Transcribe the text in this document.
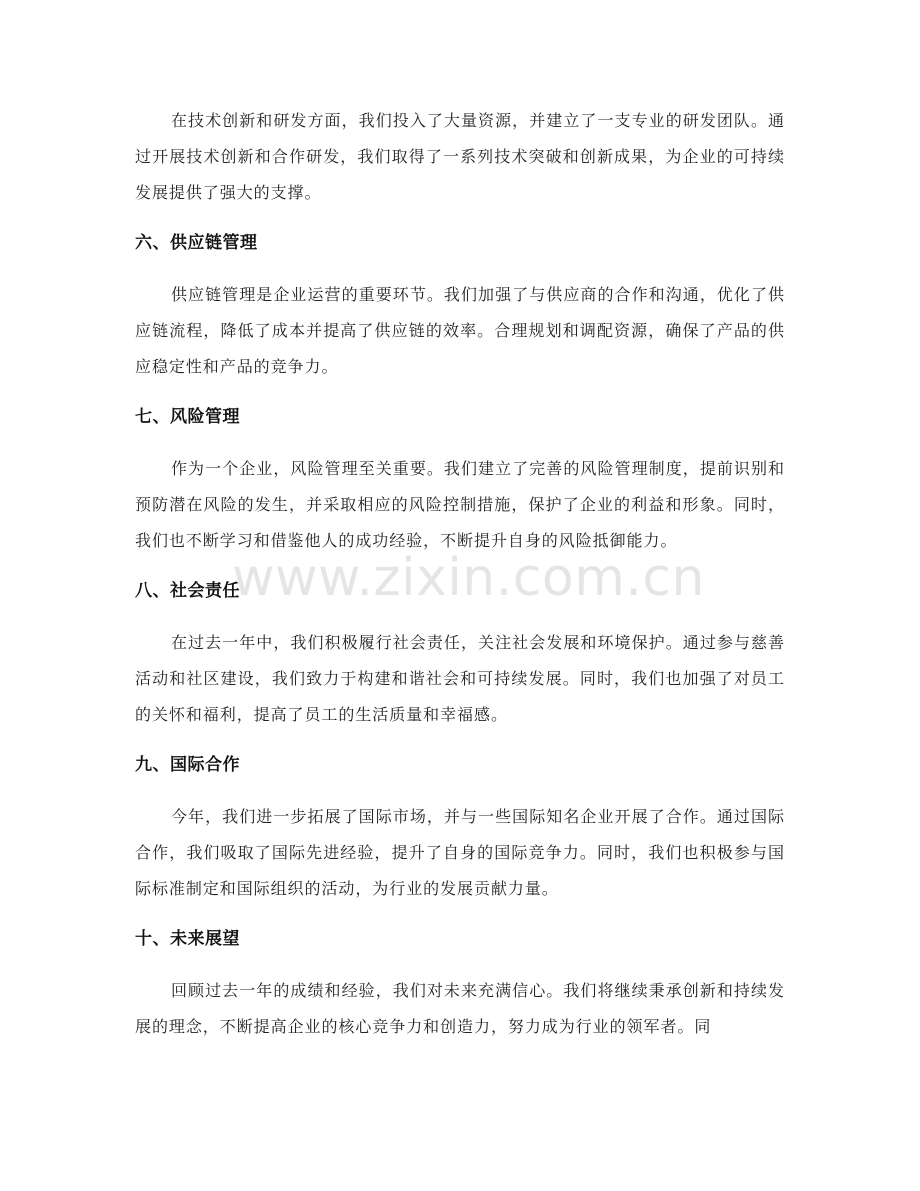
在技术创新和研发方面，我们投入了大量资源，并建立了一支专业的研发团队。通过开展技术创新和合作研发，我们取得了一系列技术突破和创新成果，为企业的可持续发展提供了强大的支撑。

六、供应链管理

供应链管理是企业运营的重要环节。我们加强了与供应商的合作和沟通，优化了供应链流程，降低了成本并提高了供应链的效率。合理规划和调配资源，确保了产品的供应稳定性和产品的竞争力。

七、风险管理

作为一个企业，风险管理至关重要。我们建立了完善的风险管理制度，提前识别和预防潜在风险的发生，并采取相应的风险控制措施，保护了企业的利益和形象。同时，我们也不断学习和借鉴他人的成功经验，不断提升自身的风险抵御能力。

八、社会责任

在过去一年中，我们积极履行社会责任，关注社会发展和环境保护。通过参与慈善活动和社区建设，我们致力于构建和谐社会和可持续发展。同时，我们也加强了对员工的关怀和福利，提高了员工的生活质量和幸福感。

九、国际合作

今年，我们进一步拓展了国际市场，并与一些国际知名企业开展了合作。通过国际合作，我们吸取了国际先进经验，提升了自身的国际竞争力。同时，我们也积极参与国际标准制定和国际组织的活动，为行业的发展贡献力量。

十、未来展望

回顾过去一年的成绩和经验，我们对未来充满信心。我们将继续秉承创新和持续发展的理念，不断提高企业的核心竞争力和创造力，努力成为行业的领军者。同

www.zixin.com.cn
